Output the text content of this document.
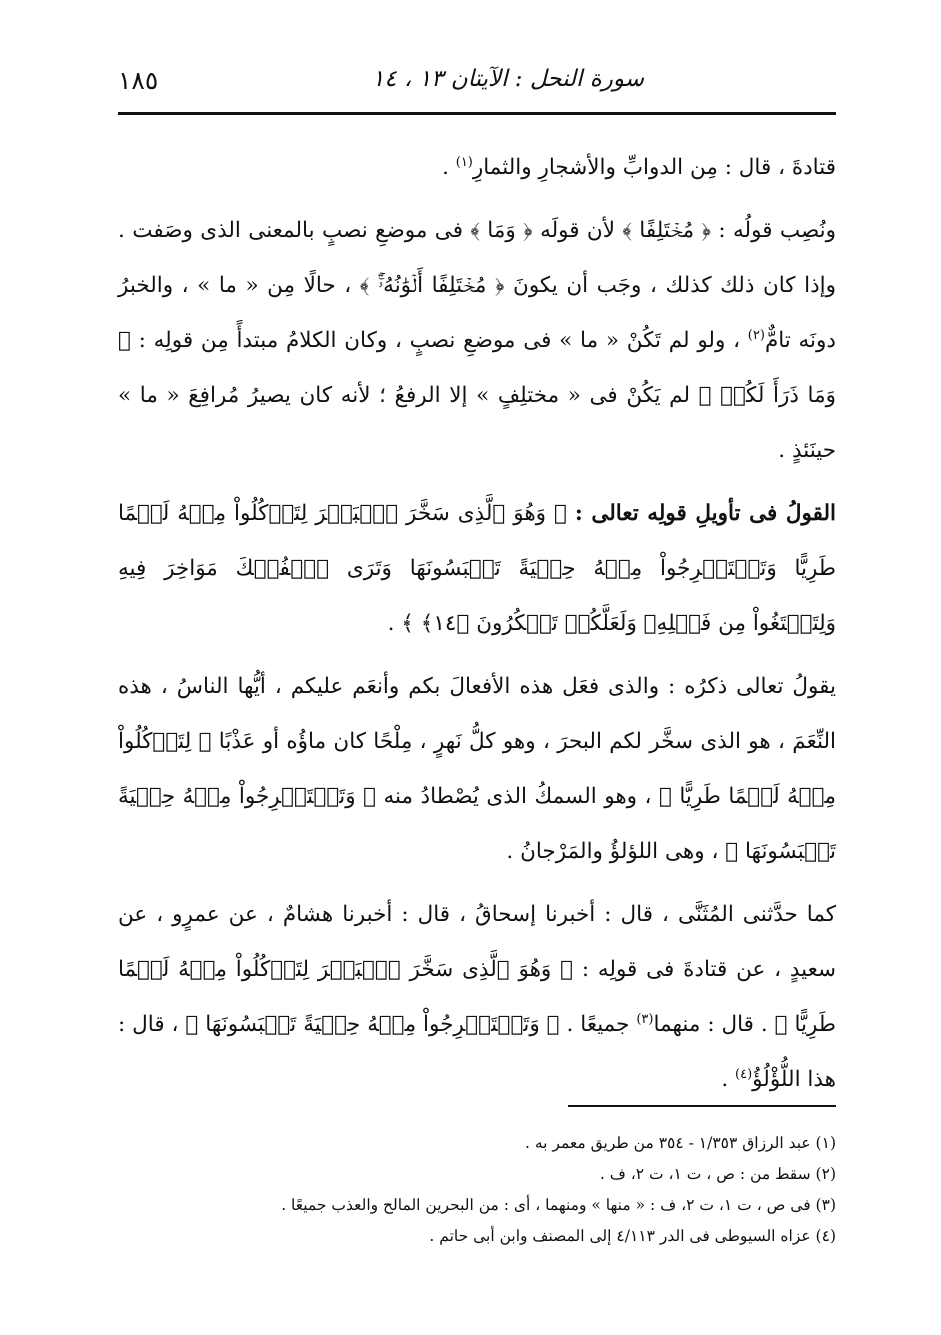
١٨٥	سورة النحل : الآيتان ١٣ ، ١٤

قتادةَ ، قال : مِن الدوابِّ والأشجارِ والثمارِ$^{(١)}$ .

ونُصِب قولُه : ﴿ مُخۡتَلِفًا ﴾ لأن قولَه ﴿ وَمَا ﴾ فى موضعِ نصبٍ بالمعنى الذى وصَفت . وإذا كان ذلك كذلك ، وجَب أن يكونَ ﴿ مُخۡتَلِفًا أَلۡوَٰنُهُۥٓۚ ﴾ ، حالًا مِن « ما » ، والخبرُ دونَه تامٌّ$^{(٢)}$ ، ولو لم تَكُنْ « ما » فى موضعِ نصبٍ ، وكان الكلامُ مبتدأً مِن قولِه : ﴿ وَمَا ذَرَأَ لَكُمۡ ﴾ لم يَكُنْ فى « مختلِفٍ » إلا الرفعُ ؛ لأنه كان يصيرُ مُرافِعَ « ما » حينَئذٍ .

القولُ فى تأويلِ قولِه تعالى : ﴿ وَهُوَ ٱلَّذِى سَخَّرَ ٱلۡبَحۡرَ لِتَأۡكُلُواْ مِنۡهُ لَحۡمًا طَرِيًّا وَتَسۡتَخۡرِجُواْ مِنۡهُ حِلۡيَةً تَلۡبَسُونَهَا وَتَرَى ٱلۡفُلۡكَ مَوَاخِرَ فِيهِ وَلِتَبۡتَغُواْ مِن فَضۡلِهِۦ وَلَعَلَّكُمۡ تَشۡكُرُونَ ﴿١٤﴾ ﴾ .

يقولُ تعالى ذكرُه : والذى فعَل هذه الأفعالَ بكم وأنعَم عليكم ، أيُّها الناسُ ، هذه النِّعَمَ ، هو الذى سخَّر لكم البحرَ ، وهو كلُّ نَهرٍ ، مِلْحًا كان ماؤُه أو عَذْبًا ﴿ لِتَأۡكُلُواْ مِنۡهُ لَحۡمًا طَرِيًّا ﴾ ، وهو السمكُ الذى يُصْطادُ منه ﴿ وَتَسۡتَخۡرِجُواْ مِنۡهُ حِلۡيَةً تَلۡبَسُونَهَا ﴾ ، وهى اللؤلؤُ والمَرْجانُ .

كما حدَّثنى المُثَنَّى ، قال : أخبرنا إسحاقُ ، قال : أخبرنا هشامٌ ، عن عمرٍو ، عن سعيدٍ ، عن قتادةَ فى قولِه : ﴿ وَهُوَ ٱلَّذِى سَخَّرَ ٱلۡبَحۡرَ لِتَأۡكُلُواْ مِنۡهُ لَحۡمًا طَرِيًّا ﴾ . قال : منهما$^{(٣)}$ جميعًا . ﴿ وَتَسۡتَخۡرِجُواْ مِنۡهُ حِلۡيَةً تَلۡبَسُونَهَا ﴾ ، قال : هذا اللُّؤْلُؤُ$^{(٤)}$ .

(١) عبد الرزاق ١/٣٥٣ - ٣٥٤ من طريق معمر به .

(٢) سقط من : ص ، ت ١، ت ٢، ف .

(٣) فى ص ، ت ١، ت ٢، ف : « منها » ومنهما ، أى : من البحرين المالح والعذب جميعًا .

(٤) عزاه السيوطى فى الدر ٤/١١٣ إلى المصنف وابن أبى حاتم .
